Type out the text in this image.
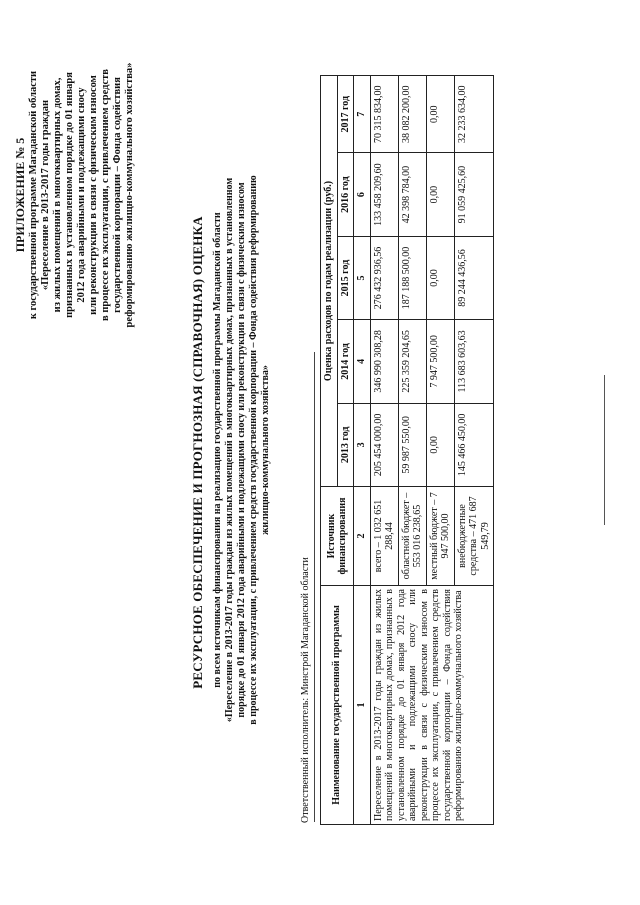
ПРИЛОЖЕНИЕ № 5 к государственной программе Магаданской области «Переселение в 2013-2017 годы граждан из жилых помещений в многоквартирных домах, признанных в установленном порядке до 01 января 2012 года аварийными и подлежащими сносу или реконструкции в связи с физическим износом в процессе их эксплуатации, с привлечением средств государственной корпорации – Фонда содействия реформированию жилищно-коммунального хозяйства»
РЕСУРСНОЕ ОБЕСПЕЧЕНИЕ И ПРОГНОЗНАЯ (СПРАВОЧНАЯ) ОЦЕНКА по всем источникам финансирования на реализацию государственной программы Магаданской области «Переселение в 2013-2017 годы граждан из жилых помещений в многоквартирных домах, признанных в установленном порядке до 01 января 2012 года аварийными и подлежащими сносу или реконструкции в связи с физическим износом в процессе их эксплуатации, с привлечением средств государственной корпорации – Фонда содействия реформированию жилищно-коммунального хозяйства»
Ответственный исполнитель: Минстрой Магаданской области Наименование государственной программы	Источник финансирования	Оценка расходов по годам реализации (руб.)				
		2013 год	2014 год	2015 год	2016 год	2017 год
1	2	3	4	5	6	7
Переселение в 2013-2017 годы граждан из жилых помещений в многоквартирных домах, признанных в установленном порядке до 01 января 2012 года аварийными и подлежащими сносу или реконструкции в связи с физическим износом в процессе их эксплуатации, с привлечением средств государственной корпорации – Фонда содействия реформированию жилищно-коммунального хозяйства	всего – 1 032 651 288,44	205 454 000,00	346 990 308,28	276 432 936,56	133 458 209,60	70 315 834,00
	областной бюджет – 553 016 238,65	59 987 550,00	225 359 204,65	187 188 500,00	42 398 784,00	38 082 200,00
	местный бюджет – 7 947 500,00	0,00	7 947 500,00	0,00	0,00	0,00
	внебюджетные средства – 471 687 549,79	145 466 450,00	113 683 603,63	89 244 436,56	91 059 425,60	32 233 634,00
